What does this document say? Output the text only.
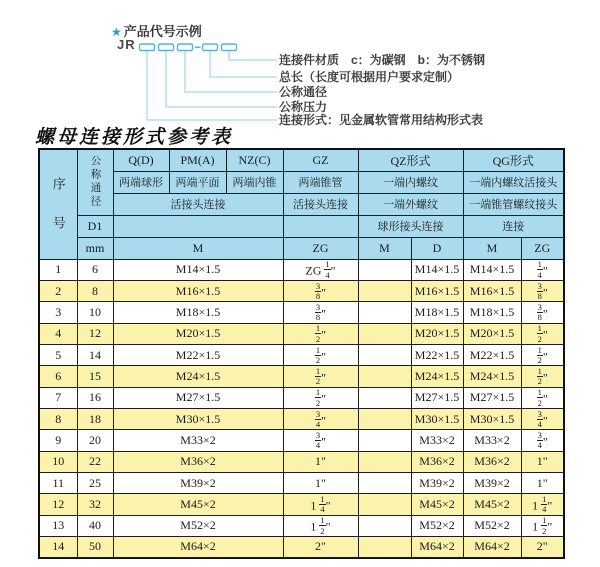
★ 产品代号示例
JR
连接件材质　c：为碳钢　b：为不锈钢
总长（长度可根据用户要求定制）
公称通径
公称压力
连接形式：见金属软管常用结构形式表
螺母连接形式参考表
序号	公称通径	Q(D)	PM(A)	NZ(C)	GZ	QZ形式		QG形式	
		两端球形	两端平面	两端内锥	两端锥管	一端内螺纹		一端内螺纹活接头	
		活接头连接			活接头连接	一端外螺纹		一端锥管螺纹接头	
	D1					球形接头连接		连接	
	mm	M			ZG	M	D	M	ZG
1	6	M14×1.5			ZG $\frac{1}{4}$ "		M14×1.5	M14×1.5	$\frac{1}{4}$ "
2	8	M16×1.5			$\frac{3}{8}$ "		M16×1.5	M16×1.5	$\frac{3}{8}$ "
3	10	M18×1.5			$\frac{3}{8}$ "		M18×1.5	M18×1.5	$\frac{3}{8}$ "
4	12	M20×1.5			$\frac{1}{2}$ "		M20×1.5	M20×1.5	$\frac{1}{2}$ "
5	14	M22×1.5			$\frac{1}{2}$ "		M22×1.5	M22×1.5	$\frac{1}{2}$ "
6	15	M24×1.5			$\frac{1}{2}$ "		M24×1.5	M24×1.5	$\frac{1}{2}$ "
7	16	M27×1.5			$\frac{1}{2}$ "		M27×1.5	M27×1.5	$\frac{1}{2}$ "
8	18	M30×1.5			$\frac{3}{4}$ "		M30×1.5	M30×1.5	$\frac{3}{4}$ "
9	20	M33×2			$\frac{3}{4}$ "		M33×2	M33×2	$\frac{3}{4}$ "
10	22	M36×2			1"		M36×2	M36×2	1"
11	25	M39×2			1"		M39×2	M39×2	1"
12	32	M45×2			$1 \frac{1}{4}$ "		M45×2	M45×2	$1 \frac{1}{4}$ "
13	40	M52×2			$1 \frac{1}{2}$ "		M52×2	M52×2	$1 \frac{1}{2}$ "
14	50	M64×2			2"		M64×2	M64×2	2"
